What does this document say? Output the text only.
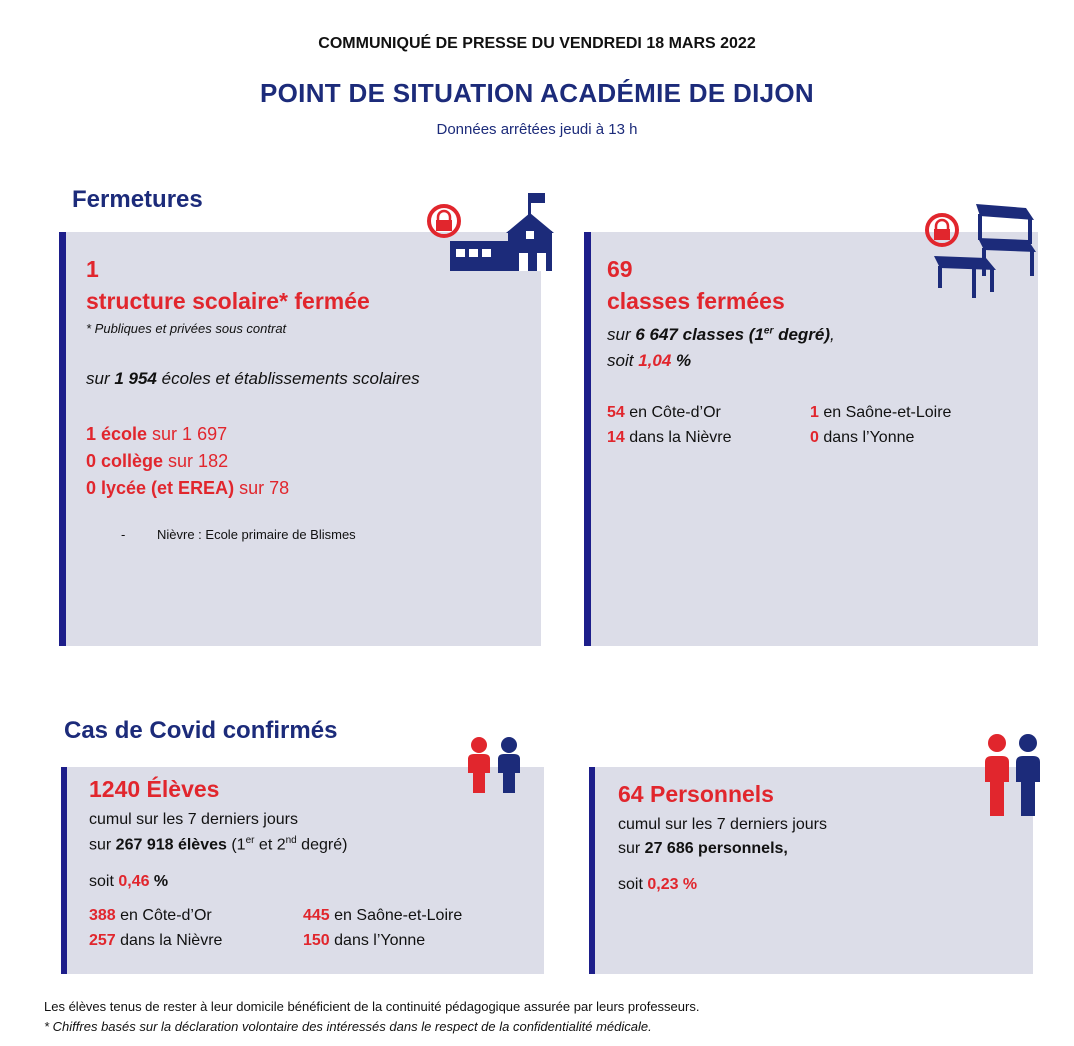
COMMUNIQUÉ DE PRESSE DU VENDREDI 18 MARS 2022
POINT DE SITUATION ACADÉMIE DE DIJON
Données arrêtées jeudi à 13 h
Fermetures
1
structure scolaire* fermée
* Publiques et privées sous contrat
sur 1 954 écoles et établissements scolaires
1 école sur 1 697
0 collège sur 182
0 lycée (et EREA) sur 78
- Nièvre : Ecole primaire de Blismes
69
classes fermées
sur 6 647 classes (1er degré),
soit 1,04 %
54 en Côte-d’Or	1 en Saône-et-Loire
14 dans la Nièvre	0 dans l’Yonne
Cas de Covid confirmés
1240 Élèves
cumul sur les 7 derniers jours
sur 267 918 élèves (1er et 2nd degré)
soit 0,46 %
388 en Côte-d’Or	445 en Saône-et-Loire
257 dans la Nièvre	150 dans l’Yonne
64 Personnels
cumul sur les 7 derniers jours
sur 27 686 personnels,
soit 0,23 %
Les élèves tenus de rester à leur domicile bénéficient de la continuité pédagogique assurée par leurs professeurs.
* Chiffres basés sur la déclaration volontaire des intéressés dans le respect de la confidentialité médicale.
